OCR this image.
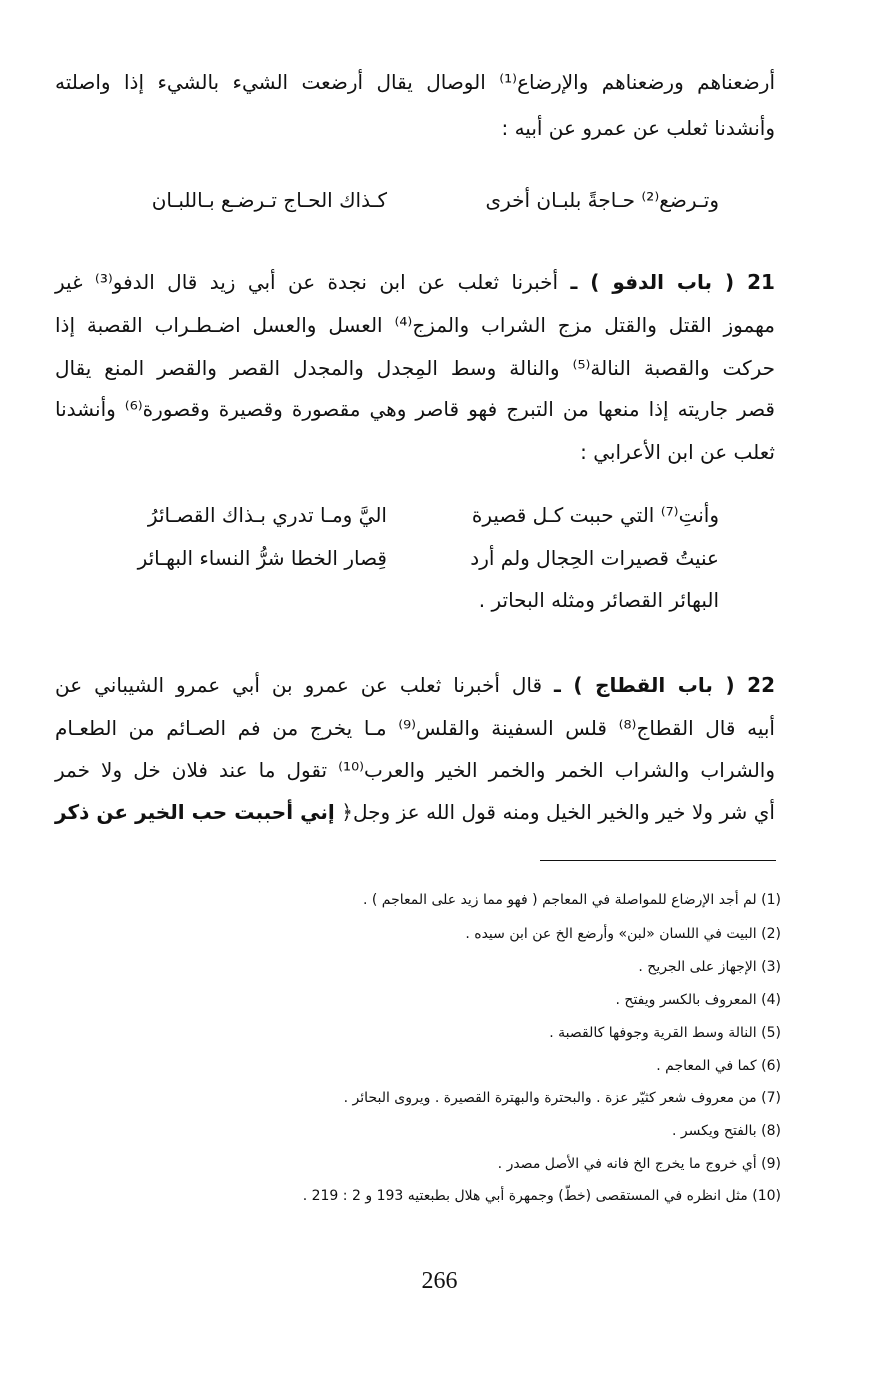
أرضعناهم ورضعناهم والإرضاع⁽¹⁾ الوصال يقال أرضعت الشيء بالشيء إذا واصلته
وأنشدنا ثعلب عن عمرو عن أبيه :
وتـرضع⁽²⁾ حـاجةً بلبـان أخرى
كـذاك الحـاج تـرضـع بـاللبـان
21 ( باب الدفو ) ـ أخبرنا ثعلب عن ابن نجدة عن أبي زيد قال الدفو⁽³⁾ غير
مهموز القتل والقتل مزج الشراب والمزج⁽⁴⁾ العسل والعسل اضـطـراب القصبة إذا
حركت والقصبة النالة⁽⁵⁾ والنالة وسط المِجدل والمجدل القصر والقصر المنع يقال
قصر جاريته إذا منعها من التبرج فهو قاصر وهي مقصورة وقصيرة وقصورة⁽⁶⁾ وأنشدنا
ثعلب عن ابن الأعرابي :
وأنتِ⁽⁷⁾ التي حببت كـل قصيرة
اليَّ ومـا تدري بـذاك القصـائرُ
عنيتُ قصيرات الحِجال ولم أرد
قِصار الخطا شرُّ النساء البهـائر
البهائر القصائر ومثله البحاتر .
22 ( باب القطاج ) ـ قال أخبرنا ثعلب عن عمرو بن أبي عمرو الشيباني عن
أبيه قال القطاج⁽⁸⁾ قلس السفينة والقلس⁽⁹⁾ مـا يخرج من فم الصـائم من الطعـام
والشراب والشراب الخمر والخمر الخير والعرب⁽¹⁰⁾ تقول ما عند فلان خل ولا خمر
أي شر ولا خير والخير الخيل ومنه قول الله عز وجل﴿ إني أحببت حب الخير عن ذكر
(1) لم أجد الإرضاع للمواصلة في المعاجم ( فهو مما زيد على المعاجم ) .
(2) البيت في اللسان «لبن» وأرضع الخ عن ابن سيده .
(3) الإجهاز على الجريح .
(4) المعروف بالكسر ويفتح .
(5) النالة وسط القرية وجوفها كالقصبة .
(6) كما في المعاجم .
(7) من معروف شعر كثيّر عزة . والبحترة والبهترة القصيرة . ويروى البحائر .
(8) بالفتح ويكسر .
(9) أي خروج ما يخرج الخ فانه في الأصل مصدر .
(10) مثل انظره في المستقصى (خطّ) وجمهرة أبي هلال بطبعتيه 193 و 2 : 219 .
266
